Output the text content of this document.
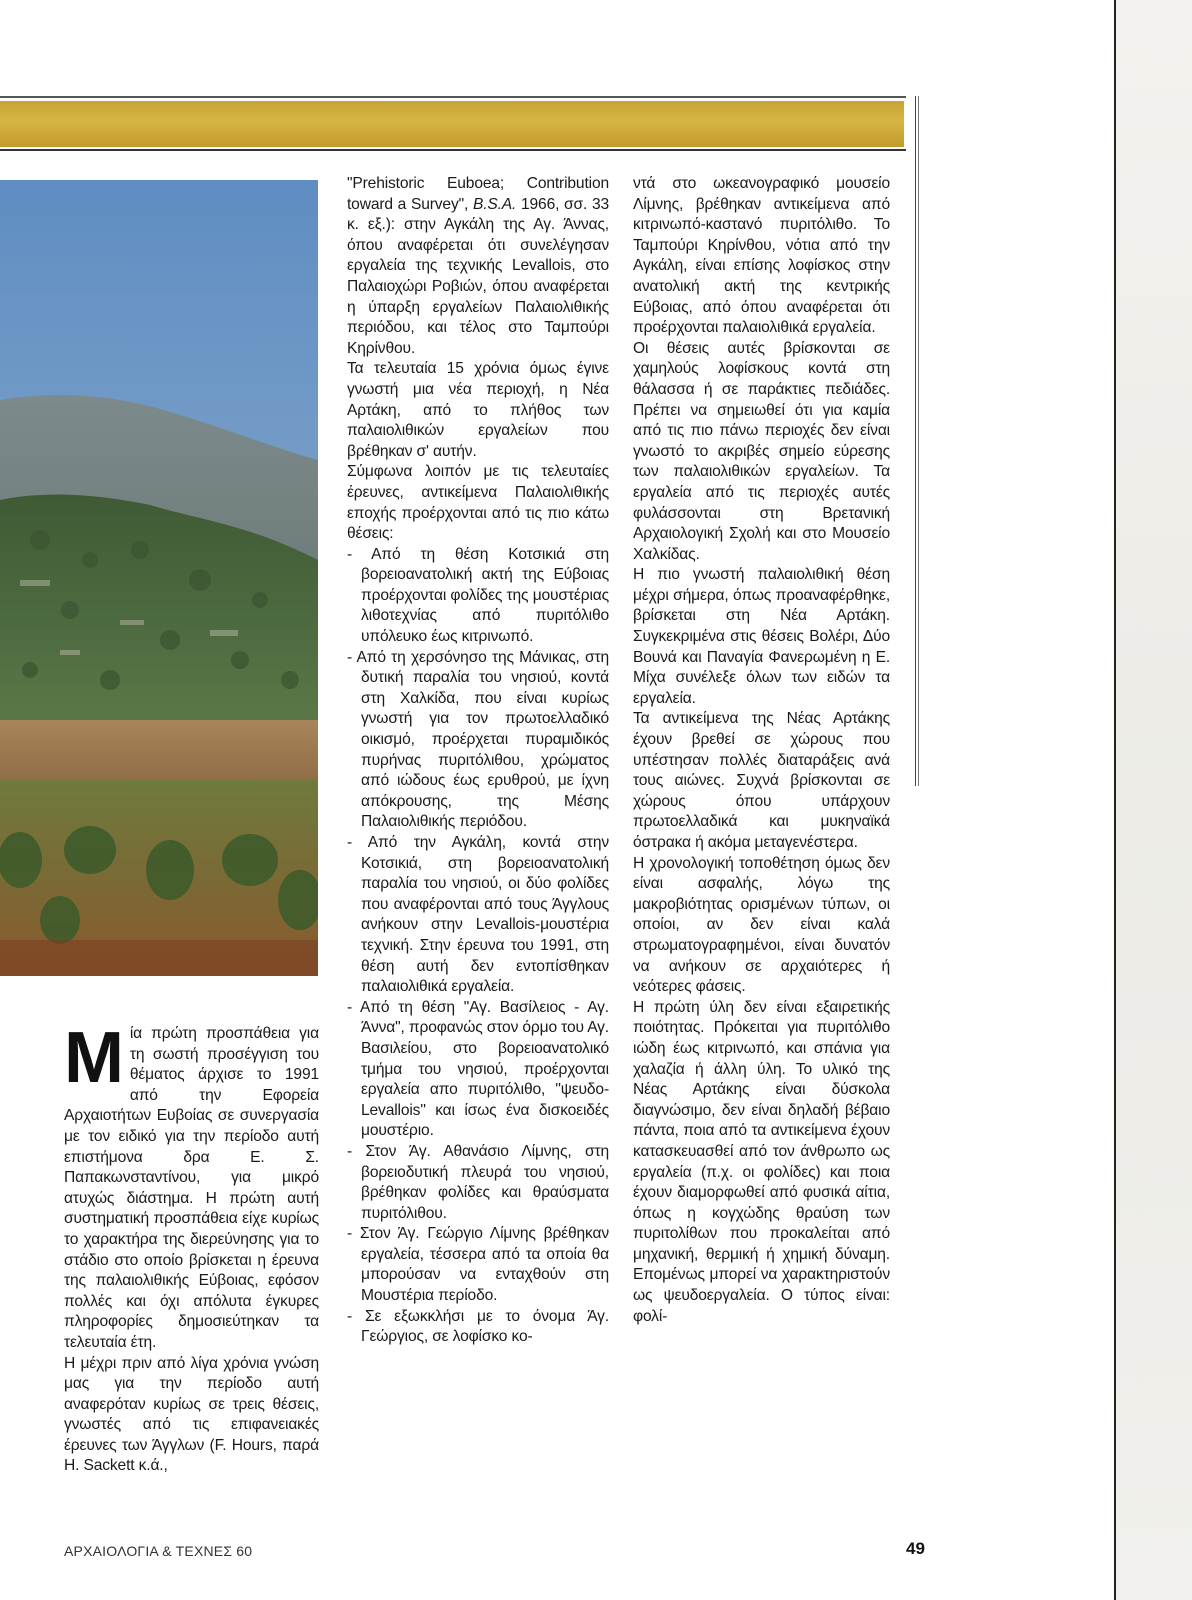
Μία πρώτη προσπάθεια για τη σωστή προσέγγιση του θέματος άρχισε το 1991 από την Εφορεία Αρχαιοτήτων Ευβοίας σε συνεργασία με τον ειδικό για την περίοδο αυτή επιστήμονα δρα Ε. Σ. Παπακωνσταντίνου, για μικρό ατυχώς διάστημα. Η πρώτη αυτή συστηματική προσπάθεια είχε κυρίως το χαρακτήρα της διερεύνησης για το στάδιο στο οποίο βρίσκεται η έρευνα της παλαιολιθικής Εύβοιας, εφόσον πολλές και όχι απόλυτα έγκυρες πληροφορίες δημοσιεύτηκαν τα τελευταία έτη.

Η μέχρι πριν από λίγα χρόνια γνώση μας για την περίοδο αυτή αναφερόταν κυρίως σε τρεις θέσεις, γνωστές από τις επιφανειακές έρευνες των Άγγλων (F. Hours, παρά H. Sackett κ.ά.,

"Prehistoric Euboea; Contribution toward a Survey", B.S.A. 1966, σσ. 33 κ. εξ.): στην Αγκάλη της Αγ. Άννας, όπου αναφέρεται ότι συνελέγησαν εργαλεία της τεχνικής Levallois, στο Παλαιοχώρι Ροβιών, όπου αναφέρεται η ύπαρξη εργαλείων Παλαιολιθικής περιόδου, και τέλος στο Ταμπούρι Κηρίνθου.

Τα τελευταία 15 χρόνια όμως έγινε γνωστή μια νέα περιοχή, η Νέα Αρτάκη, από το πλήθος των παλαιολιθικών εργαλείων που βρέθηκαν σ' αυτήν.

Σύμφωνα λοιπόν με τις τελευταίες έρευνες, αντικείμενα Παλαιολιθικής εποχής προέρχονται από τις πιο κάτω θέσεις:

- Από τη θέση Κοτσικιά στη βορειοανατολική ακτή της Εύβοιας προέρχονται φολίδες της μουστέριας λιθοτεχνίας από πυριτόλιθο υπόλευκο έως κιτρινωπό.

- Από τη χερσόνησο της Μάνικας, στη δυτική παραλία του νησιού, κοντά στη Χαλκίδα, που είναι κυρίως γνωστή για τον πρωτοελλαδικό οικισμό, προέρχεται πυραμιδικός πυρήνας πυριτόλιθου, χρώματος από ιώδους έως ερυθρού, με ίχνη απόκρουσης, της Μέσης Παλαιολιθικής περιόδου.

- Από την Αγκάλη, κοντά στην Κοτσικιά, στη βορειοανατολική παραλία του νησιού, οι δύο φολίδες που αναφέρονται από τους Άγγλους ανήκουν στην Levallois-μουστέρια τεχνική. Στην έρευνα του 1991, στη θέση αυτή δεν εντοπίσθηκαν παλαιολιθικά εργαλεία.

- Από τη θέση "Αγ. Βασίλειος - Αγ. Άννα", προφανώς στον όρμο του Αγ. Βασιλείου, στο βορειοανατολικό τμήμα του νησιού, προέρχονται εργαλεία απο πυριτόλιθο, "ψευδο-Levallois" και ίσως ένα δισκοειδές μουστέριο.

- Στον Άγ. Αθανάσιο Λίμνης, στη βορειοδυτική πλευρά του νησιού, βρέθηκαν φολίδες και θραύσματα πυριτόλιθου.

- Στον Άγ. Γεώργιο Λίμνης βρέθηκαν εργαλεία, τέσσερα από τα οποία θα μπορούσαν να ενταχθούν στη Μουστέρια περίοδο.

- Σε εξωκκλήσι με το όνομα Άγ. Γεώργιος, σε λοφίσκο κο-

ντά στο ωκεανογραφικό μουσείο Λίμνης, βρέθηκαν αντικείμενα από κιτρινωπό-κασταvό πυριτόλιθο. Το Ταμπούρι Κηρίνθου, νότια από την Αγκάλη, είναι επίσης λοφίσκος στην ανατολική ακτή της κεντρικής Εύβοιας, από όπου αναφέρεται ότι προέρχονται παλαιολιθικά εργαλεία.

Οι θέσεις αυτές βρίσκονται σε χαμηλούς λοφίσκους κοντά στη θάλασσα ή σε παράκτιες πεδιάδες. Πρέπει να σημειωθεί ότι για καμία από τις πιο πάνω περιοχές δεν είναι γνωστό το ακριβές σημείο εύρεσης των παλαιολιθικών εργαλείων. Τα εργαλεία από τις περιοχές αυτές φυλάσσονται στη Βρετανική Αρχαιολογική Σχολή και στο Μουσείο Χαλκίδας.

Η πιο γνωστή παλαιολιθική θέση μέχρι σήμερα, όπως προαναφέρθηκε, βρίσκεται στη Νέα Αρτάκη. Συγκεκριμένα στις θέσεις Βολέρι, Δύο Βουνά και Παναγία Φανερωμένη η Ε. Μίχα συνέλεξε όλων των ειδών τα εργαλεία.

Τα αντικείμενα της Νέας Αρτάκης έχουν βρεθεί σε χώρους που υπέστησαν πολλές διαταράξεις ανά τους αιώνες. Συχνά βρίσκονται σε χώρους όπου υπάρχουν πρωτοελλαδικά και μυκηναϊκά όστρακα ή ακόμα μεταγενέστερα.

Η χρονολογική τοποθέτηση όμως δεν είναι ασφαλής, λόγω της μακροβιότητας ορισμένων τύπων, οι οποίοι, αν δεν είναι καλά στρωματογραφημένοι, είναι δυνατόν να ανήκουν σε αρχαιότερες ή νεότερες φάσεις.

Η πρώτη ύλη δεν είναι εξαιρετικής ποιότητας. Πρόκειται για πυριτόλιθο ιώδη έως κιτρινωπό, και σπάνια για χαλαζία ή άλλη ύλη. Το υλικό της Νέας Αρτάκης είναι δύσκολα διαγνώσιμο, δεν είναι δηλαδή βέβαιο πάντα, ποια από τα αντικείμενα έχουν κατασκευασθεί από τον άνθρωπο ως εργαλεία (π.χ. οι φολίδες) και ποια έχουν διαμορφωθεί από φυσικά αίτια, όπως η κογχώδης θραύση των πυριτολίθων που προκαλείται από μηχανική, θερμική ή χημική δύναμη. Επομένως μπορεί να χαρακτηριστούν ως ψευδοεργαλεία. Ο τύπος είναι: φολί-

ΑΡΧΑΙΟΛΟΓΙΑ & ΤΕΧΝΕΣ 60	49
